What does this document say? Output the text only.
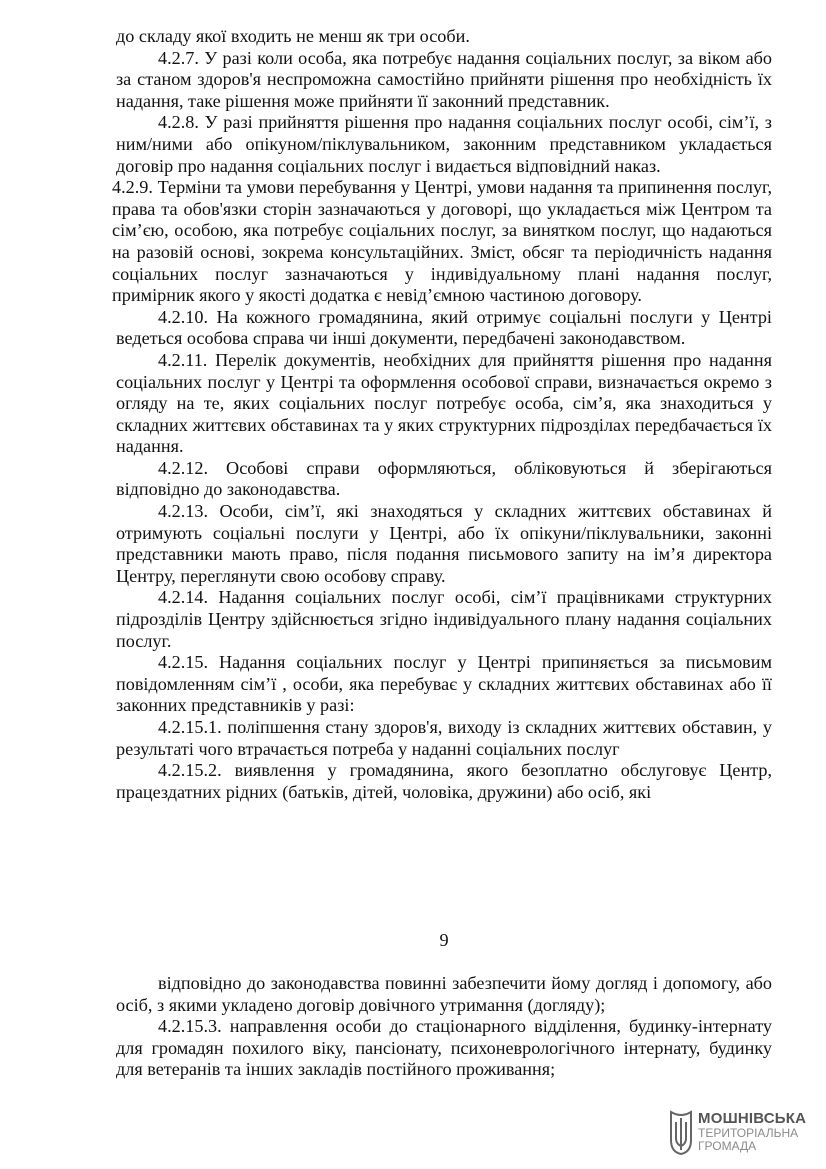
до складу якої входить не менш як три особи.

4.2.7. У разі коли особа, яка потребує надання соціальних послуг, за віком або за станом здоров'я неспроможна самостійно прийняти рішення про необхідність їх надання, таке рішення може прийняти її законний представник.

4.2.8. У разі прийняття рішення про надання соціальних послуг особі, сім’ї, з ним/ними або опікуном/піклувальником, законним представником укладається договір про надання соціальних послуг і видається відповідний наказ.

4.2.9. Терміни та умови перебування у Центрі, умови надання та припинення послуг, права та обов'язки сторін зазначаються у договорі, що укладається між Центром та сім’єю, особою, яка потребує соціальних послуг, за винятком послуг, що надаються на разовій основі, зокрема консультаційних. Зміст, обсяг та періодичність надання соціальних послуг зазначаються у індивідуальному плані надання послуг, примірник якого у якості додатка є невід’ємною частиною договору.

4.2.10. На кожного громадянина, який отримує соціальні послуги у Центрі ведеться особова справа чи інші документи, передбачені законодавством.

4.2.11. Перелік документів, необхідних для прийняття рішення про надання соціальних послуг у Центрі та оформлення особової справи, визначається окремо з огляду на те, яких соціальних послуг потребує особа, сім’я, яка знаходиться у складних життєвих обставинах та у яких структурних підрозділах передбачається їх надання.

4.2.12. Особові справи оформляються, обліковуються й зберігаються відповідно до законодавства.

4.2.13. Особи, сім’ї, які знаходяться у складних життєвих обставинах й отримують соціальні послуги у Центрі, або їх опікуни/піклувальники, законні представники мають право, після подання письмового запиту на ім’я директора Центру, переглянути свою особову справу.

4.2.14. Надання соціальних послуг особі, сім’ї працівниками структурних підрозділів Центру здійснюється згідно індивідуального плану надання соціальних послуг.

4.2.15. Надання соціальних послуг у Центрі припиняється за письмовим повідомленням сім’ї , особи, яка перебуває у складних життєвих обставинах або її законних представників у разі:

4.2.15.1. поліпшення стану здоров'я, виходу із складних життєвих обставин, у результаті чого втрачається потреба у наданні соціальних послуг

4.2.15.2. виявлення у громадянина, якого безоплатно обслуговує Центр, працездатних рідних (батьків, дітей, чоловіка, дружини) або осіб, які

9

відповідно до законодавства повинні забезпечити йому догляд і допомогу, або осіб, з якими укладено договір довічного утримання (догляду);

4.2.15.3. направлення особи до стаціонарного відділення, будинку-інтернату для громадян похилого віку, пансіонату, психоневрологічного інтернату, будинку для ветеранів та інших закладів постійного проживання;

МОШНІВСЬКА
ТЕРИТОРІАЛЬНА
ГРОМАДА
